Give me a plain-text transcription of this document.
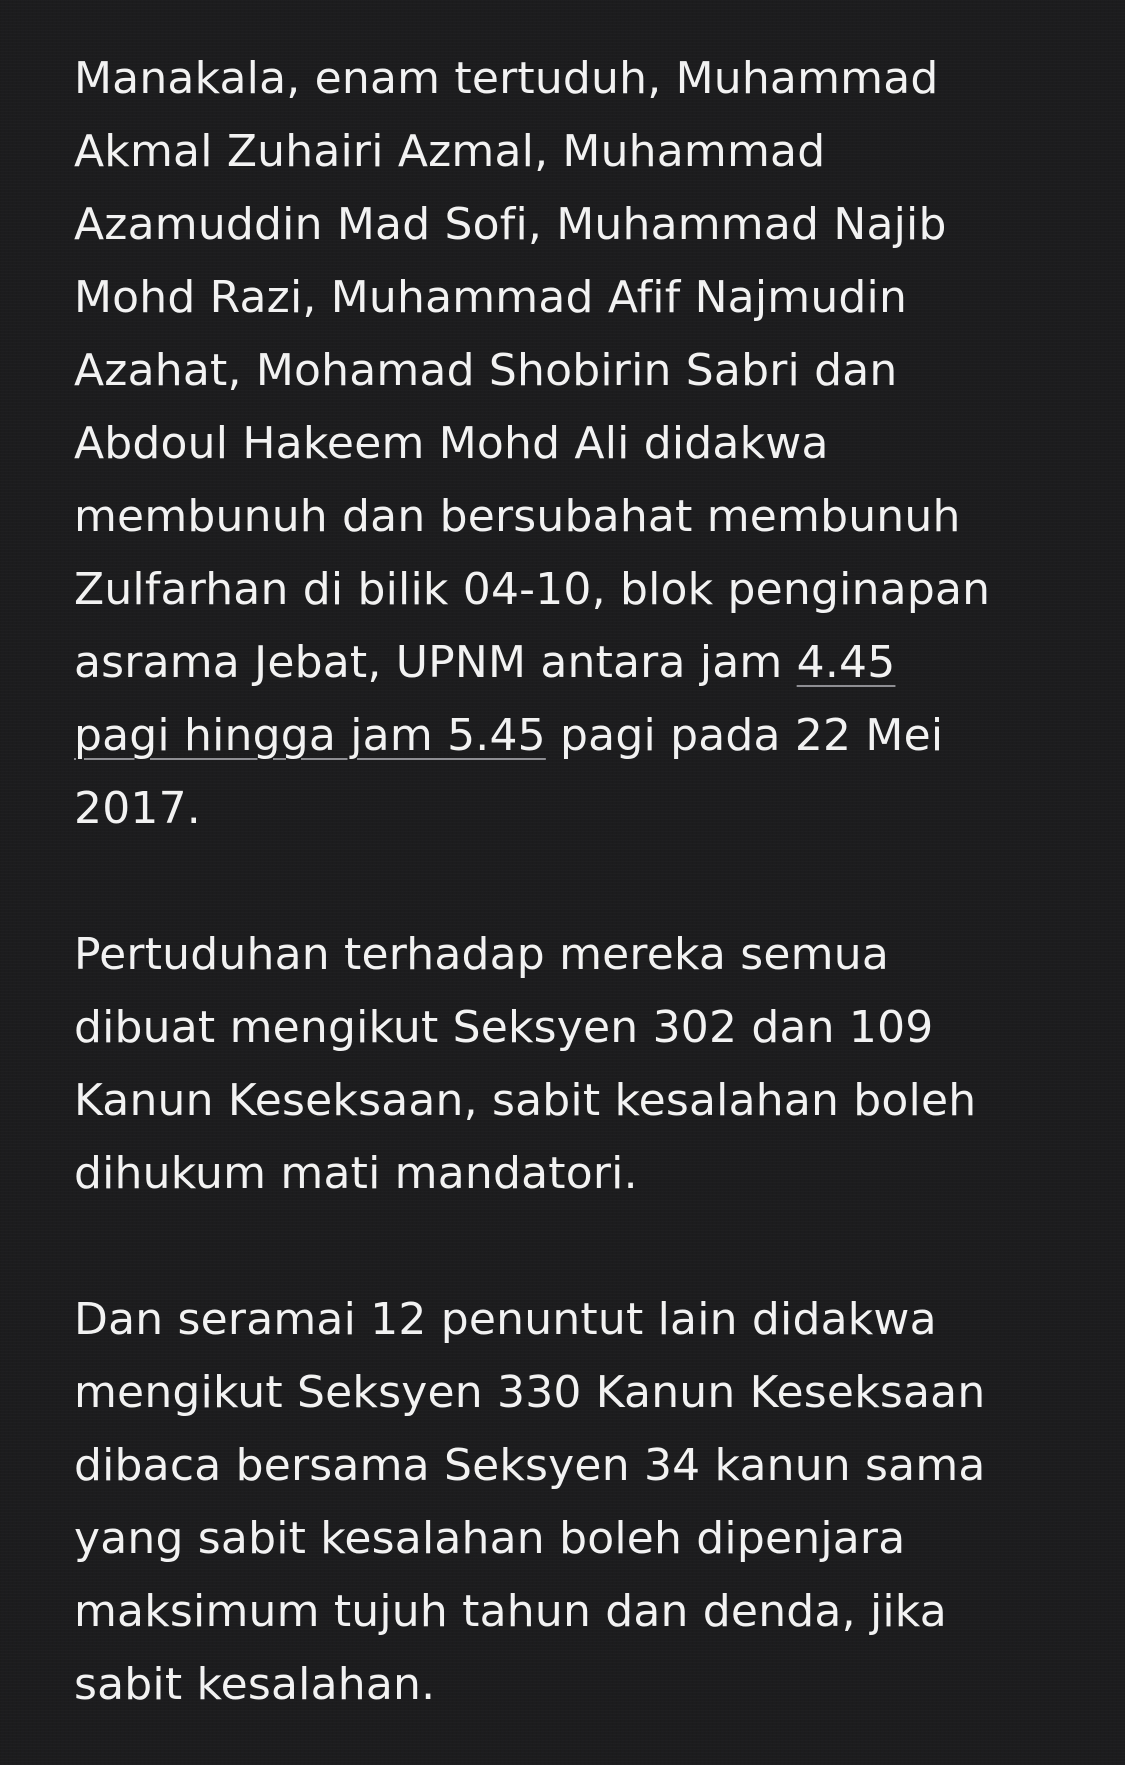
Manakala, enam tertuduh, Muhammad
Akmal Zuhairi Azmal, Muhammad
Azamuddin Mad Sofi, Muhammad Najib
Mohd Razi, Muhammad Afif Najmudin
Azahat, Mohamad Shobirin Sabri dan
Abdoul Hakeem Mohd Ali didakwa
membunuh dan bersubahat membunuh
Zulfarhan di bilik 04-10, blok penginapan
asrama Jebat, UPNM antara jam 4.45
pagi hingga jam 5.45 pagi pada 22 Mei
2017.
Pertuduhan terhadap mereka semua
dibuat mengikut Seksyen 302 dan 109
Kanun Keseksaan, sabit kesalahan boleh
dihukum mati mandatori.
Dan seramai 12 penuntut lain didakwa
mengikut Seksyen 330 Kanun Keseksaan
dibaca bersama Seksyen 34 kanun sama
yang sabit kesalahan boleh dipenjara
maksimum tujuh tahun dan denda, jika
sabit kesalahan.
